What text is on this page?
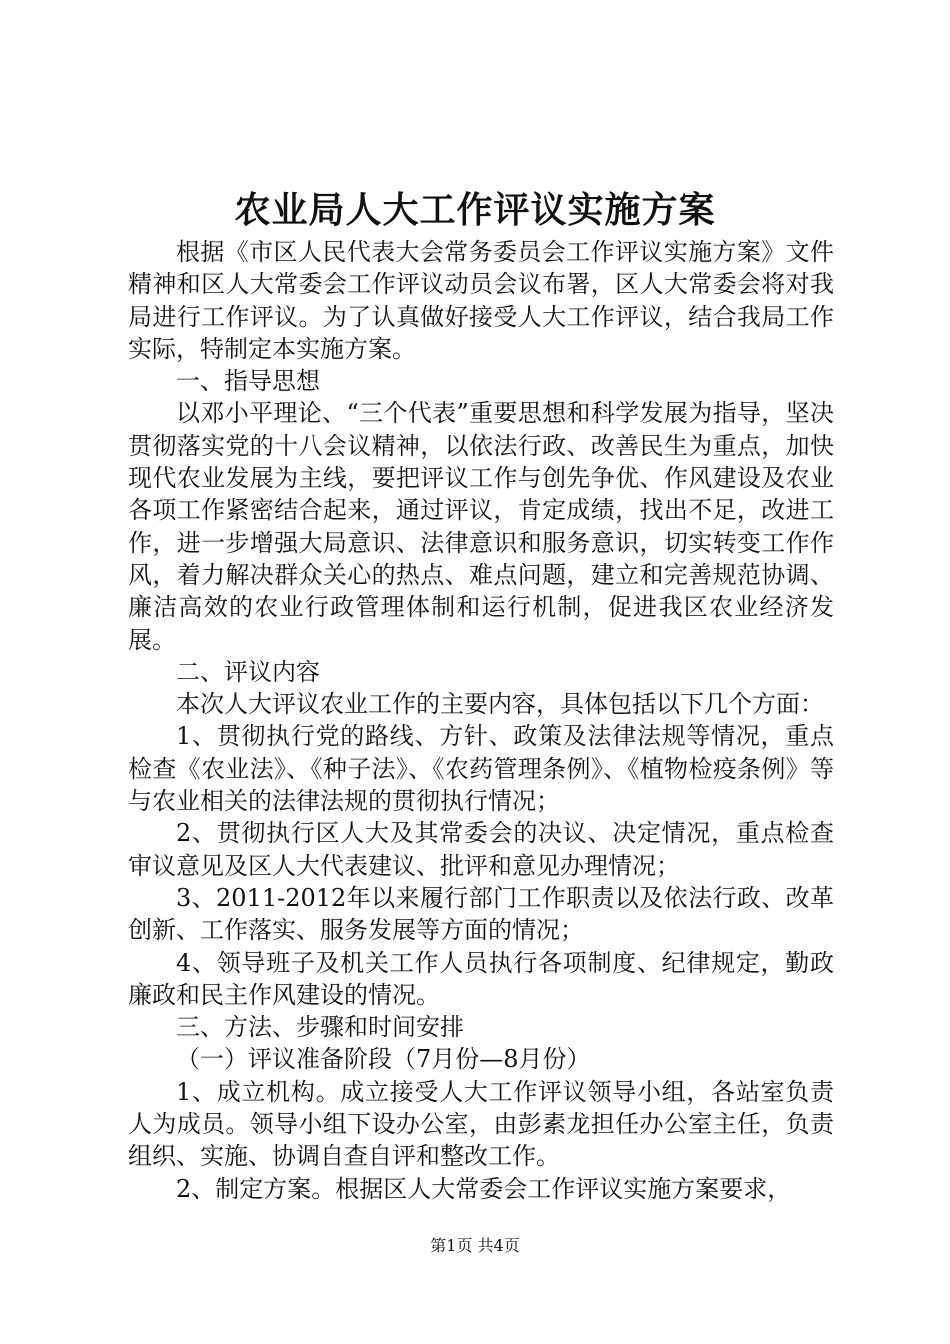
农业局人大工作评议实施方案

根据《市区人民代表大会常务委员会工作评议实施方案》文件精神和区人大常委会工作评议动员会议布署，区人大常委会将对我局进行工作评议。为了认真做好接受人大工作评议，结合我局工作实际，特制定本实施方案。

一、指导思想

以邓小平理论、“三个代表”重要思想和科学发展为指导，坚决贯彻落实党的十八会议精神，以依法行政、改善民生为重点，加快现代农业发展为主线，要把评议工作与创先争优、作风建设及农业各项工作紧密结合起来，通过评议，肯定成绩，找出不足，改进工作，进一步增强大局意识、法律意识和服务意识，切实转变工作作风，着力解决群众关心的热点、难点问题，建立和完善规范协调、廉洁高效的农业行政管理体制和运行机制，促进我区农业经济发展。

二、评议内容

本次人大评议农业工作的主要内容，具体包括以下几个方面：

1、贯彻执行党的路线、方针、政策及法律法规等情况，重点检查《农业法》、《种子法》、《农药管理条例》、《植物检疫条例》等与农业相关的法律法规的贯彻执行情况；

2、贯彻执行区人大及其常委会的决议、决定情况，重点检查审议意见及区人大代表建议、批评和意见办理情况；

3、2011-2012年以来履行部门工作职责以及依法行政、改革创新、工作落实、服务发展等方面的情况；

4、领导班子及机关工作人员执行各项制度、纪律规定，勤政廉政和民主作风建设的情况。

三、方法、步骤和时间安排

（一）评议准备阶段（7月份—8月份）

1、成立机构。成立接受人大工作评议领导小组，各站室负责人为成员。领导小组下设办公室，由彭素龙担任办公室主任，负责组织、实施、协调自查自评和整改工作。

2、制定方案。根据区人大常委会工作评议实施方案要求，

第1页 共4页
